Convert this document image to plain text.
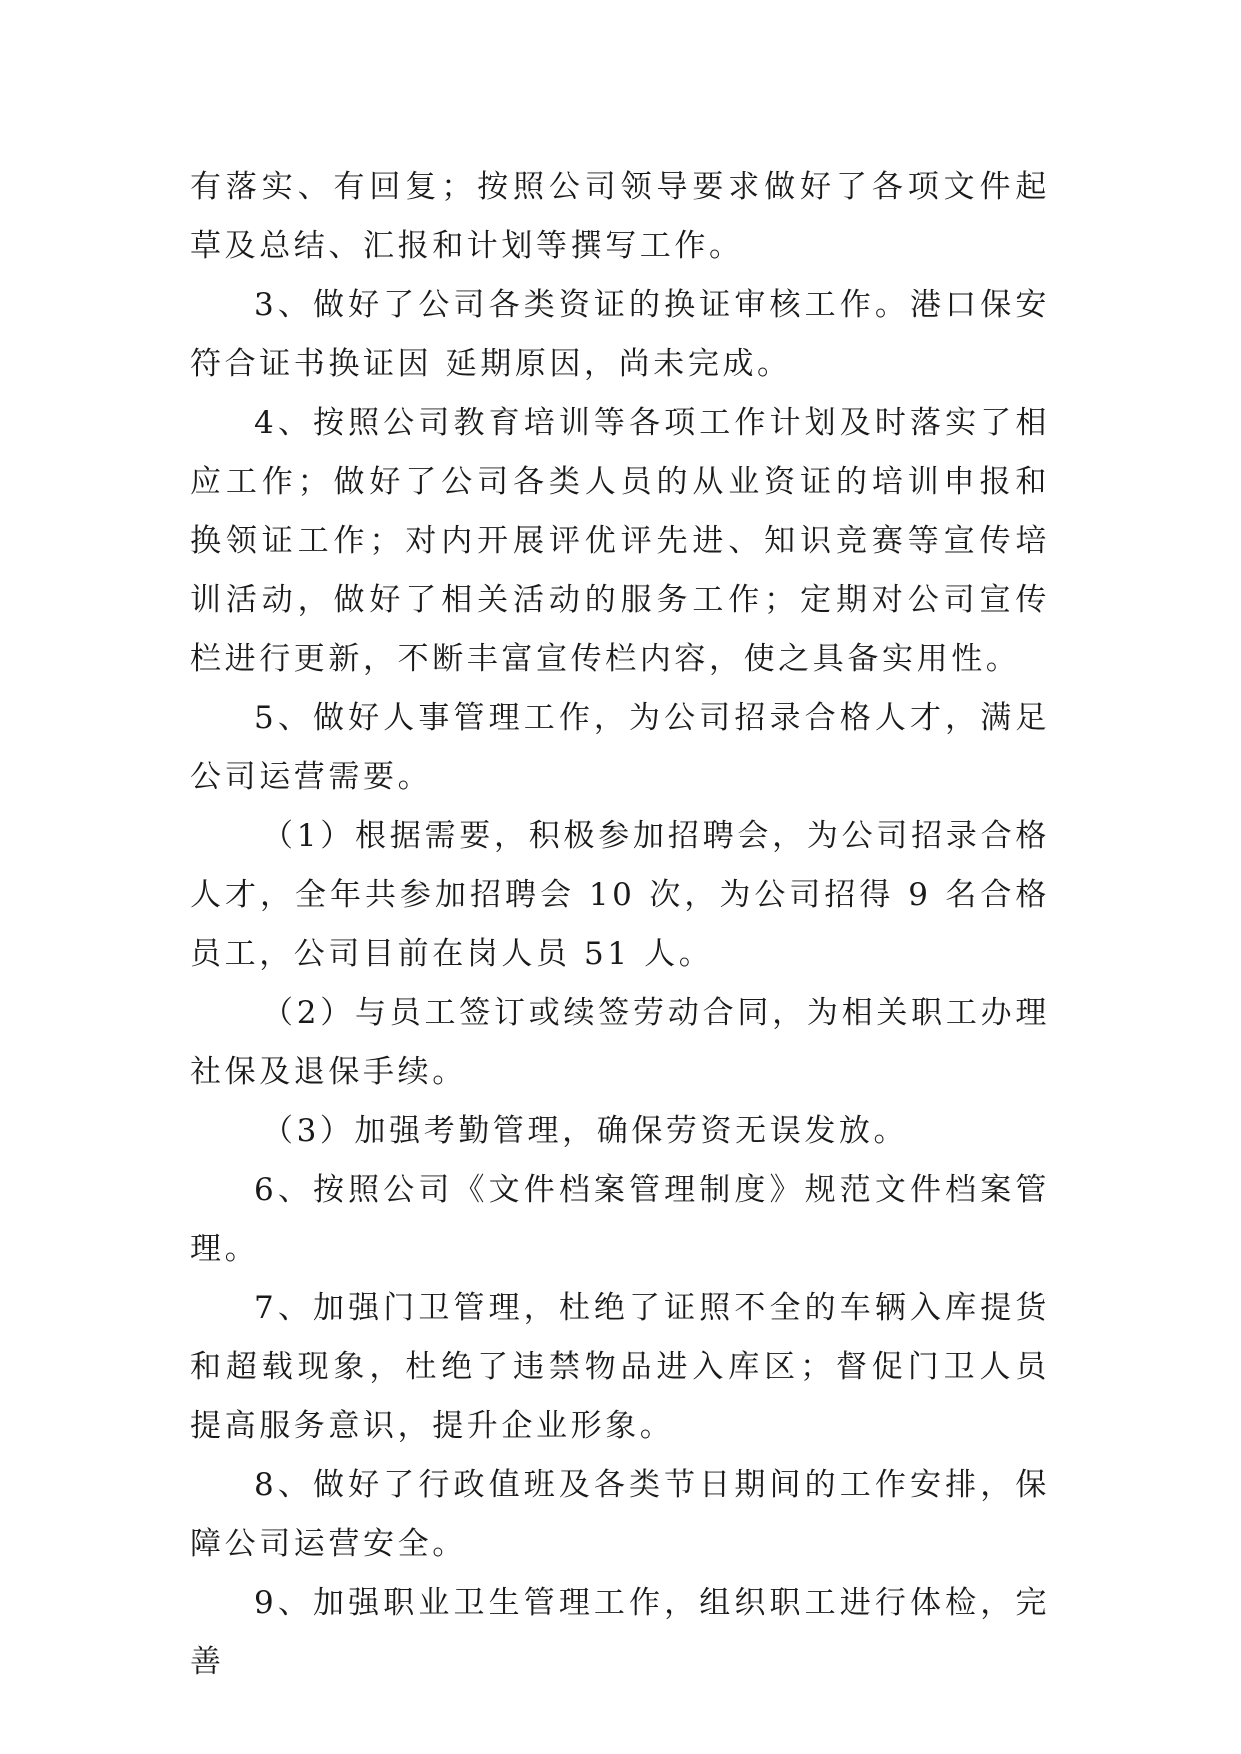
有落实、有回复；按照公司领导要求做好了各项文件起草及总结、汇报和计划等撰写工作。

3、做好了公司各类资证的换证审核工作。港口保安符合证书换证因 延期原因，尚未完成。

4、按照公司教育培训等各项工作计划及时落实了相应工作；做好了公司各类人员的从业资证的培训申报和换领证工作；对内开展评优评先进、知识竞赛等宣传培训活动，做好了相关活动的服务工作；定期对公司宣传栏进行更新，不断丰富宣传栏内容，使之具备实用性。

5、做好人事管理工作，为公司招录合格人才，满足公司运营需要。

（1）根据需要，积极参加招聘会，为公司招录合格人才，全年共参加招聘会 10 次，为公司招得 9 名合格员工，公司目前在岗人员 51 人。

（2）与员工签订或续签劳动合同，为相关职工办理社保及退保手续。

（3）加强考勤管理，确保劳资无误发放。

6、按照公司《文件档案管理制度》规范文件档案管理。

7、加强门卫管理，杜绝了证照不全的车辆入库提货和超载现象，杜绝了违禁物品进入库区；督促门卫人员提高服务意识，提升企业形象。

8、做好了行政值班及各类节日期间的工作安排，保障公司运营安全。

9、加强职业卫生管理工作，组织职工进行体检，完善
